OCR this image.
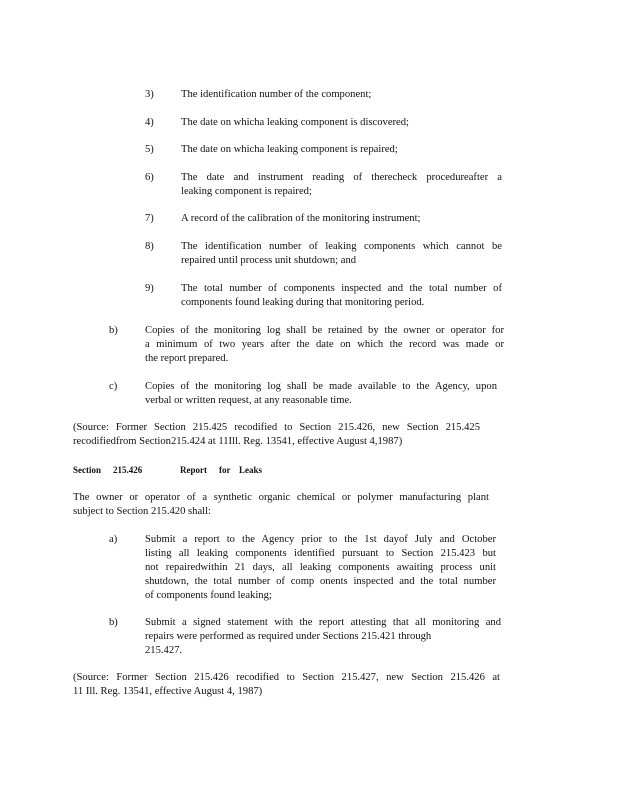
3)	The identification number of the component;
4)	The date on whicha leaking component is discovered;
5)	The date on whicha leaking component is repaired;
6)	The date and instrument reading of therecheck procedureafter a
leaking component is repaired;
7)	A record of the calibration of the monitoring instrument;
8)	The identification number of leaking components which cannot be
repaired until process unit shutdown; and
9)	The total number of components inspected and the total number of
components found leaking during that monitoring period.
b)	Copies of the monitoring log shall be retained by the owner or operator for
a minimum of two years after the date on which the record was made or
the report prepared.
c)	Copies of the monitoring log shall be made available to the Agency, upon
verbal or written request, at any reasonable time.
(Source: Former Section 215.425 recodified to Section 215.426, new Section 215.425
recodifiedfrom Section215.424 at 11Ill. Reg. 13541, effective August 4,1987)
Section 215.426	Report for Leaks
The owner or operator of a synthetic organic chemical or polymer manufacturing plant
subject to Section 215.420 shall:
a)	Submit a report to the Agency prior to the 1st dayof July and October
listing all leaking components identified pursuant to Section 215.423 but
not repairedwithin 21 days, all leaking components awaiting process unit
shutdown, the total number of comp onents inspected and the total number
of components found leaking;
b)	Submit a signed statement with the report attesting that all monitoring and
repairs were performed as required under Sections 215.421 through
215.427.
(Source: Former Section 215.426 recodified to Section 215.427, new Section 215.426 at
11 Ill. Reg. 13541, effective August 4, 1987)
